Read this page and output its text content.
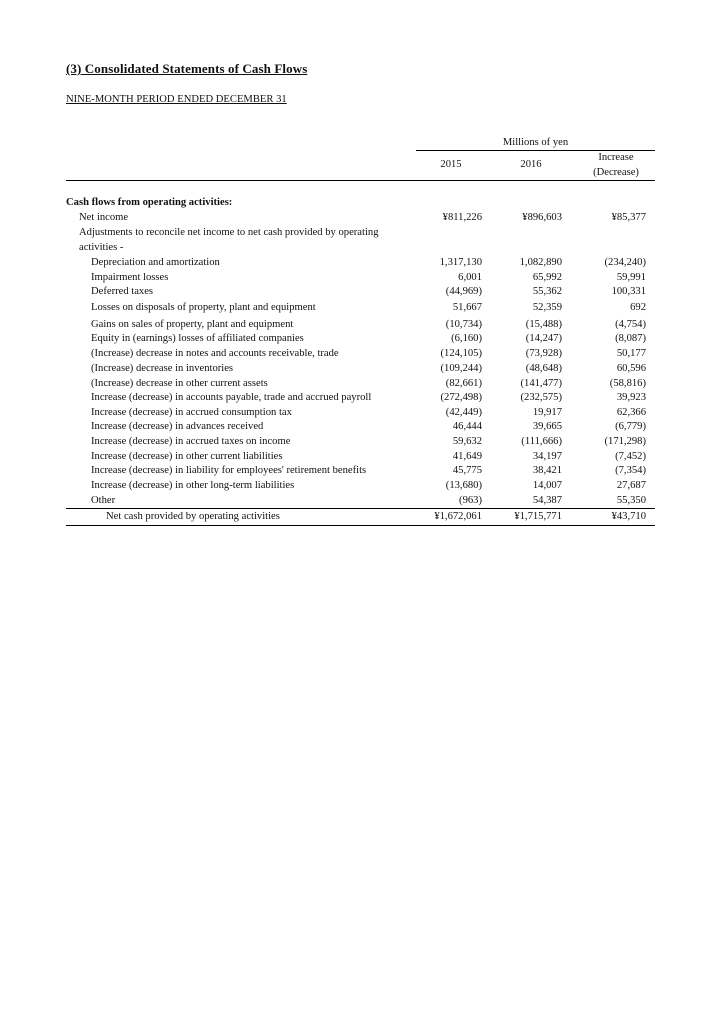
(3) Consolidated Statements of Cash Flows
NINE-MONTH PERIOD ENDED DECEMBER 31
Millions of yen
2015	2016
Increase
(Decrease)
Cash flows from operating activities:
Net income	¥811,226	¥896,603	¥85,377
Adjustments to reconcile net income to net cash provided by operating
activities -
Depreciation and amortization	1,317,130	1,082,890	(234,240)
Impairment losses	6,001	65,992	59,991
Deferred taxes	(44,969)	55,362	100,331
Losses on disposals of property, plant and equipment	51,667	52,359	692
Gains on sales of property, plant and equipment	(10,734)	(15,488)	(4,754)
Equity in (earnings) losses of affiliated companies	(6,160)	(14,247)	(8,087)
(Increase) decrease in notes and accounts receivable, trade	(124,105)	(73,928)	50,177
(Increase) decrease in inventories	(109,244)	(48,648)	60,596
(Increase) decrease in other current assets	(82,661)	(141,477)	(58,816)
Increase (decrease) in accounts payable, trade and accrued payroll	(272,498)	(232,575)	39,923
Increase (decrease) in accrued consumption tax	(42,449)	19,917	62,366
Increase (decrease) in advances received	46,444	39,665	(6,779)
Increase (decrease) in accrued taxes on income	59,632	(111,666)	(171,298)
Increase (decrease) in other current liabilities	41,649	34,197	(7,452)
Increase (decrease) in liability for employees' retirement benefits	45,775	38,421	(7,354)
Increase (decrease) in other long-term liabilities	(13,680)	14,007	27,687
Other	(963)	54,387	55,350
Net cash provided by operating activities	¥1,672,061	¥1,715,771	¥43,710
